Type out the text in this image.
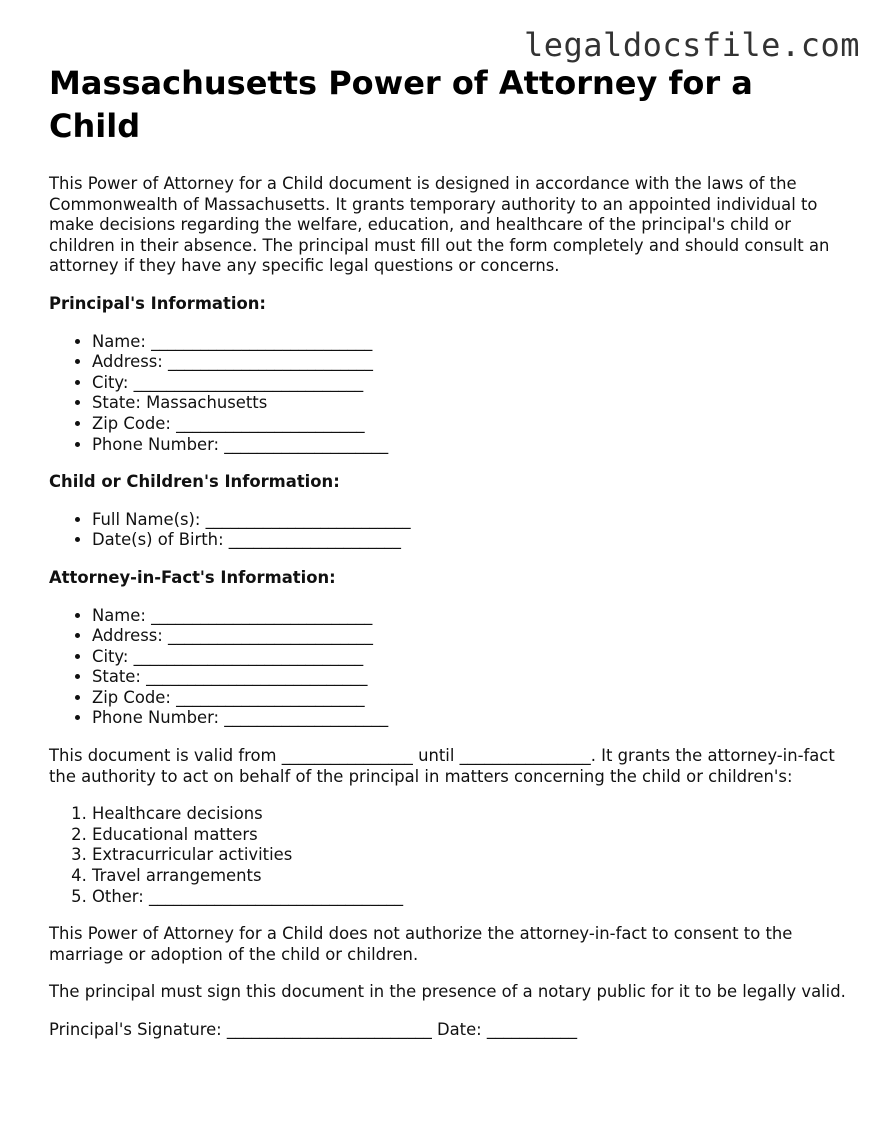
legaldocsfile.com
Massachusetts Power of Attorney for a Child

This Power of Attorney for a Child document is designed in accordance with the laws of the Commonwealth of Massachusetts. It grants temporary authority to an appointed individual to make decisions regarding the welfare, education, and healthcare of the principal's child or children in their absence. The principal must fill out the form completely and should consult an attorney if they have any specific legal questions or concerns.

Principal's Information:
• Name: ___________________________
• Address: _________________________
• City: ____________________________
• State: Massachusetts
• Zip Code: _______________________
• Phone Number: ____________________
Child or Children's Information:
• Full Name(s): _________________________
• Date(s) of Birth: _____________________
Attorney-in-Fact's Information:
• Name: ___________________________
• Address: _________________________
• City: ____________________________
• State: ___________________________
• Zip Code: _______________________
• Phone Number: ____________________

This document is valid from ________________ until ________________. It grants the attorney-in-fact the authority to act on behalf of the principal in matters concerning the child or children's:

1. Healthcare decisions
2. Educational matters
3. Extracurricular activities
4. Travel arrangements
5. Other: _______________________________

This Power of Attorney for a Child does not authorize the attorney-in-fact to consent to the marriage or adoption of the child or children.

The principal must sign this document in the presence of a notary public for it to be legally valid.

Principal's Signature: _________________________ Date: ___________
